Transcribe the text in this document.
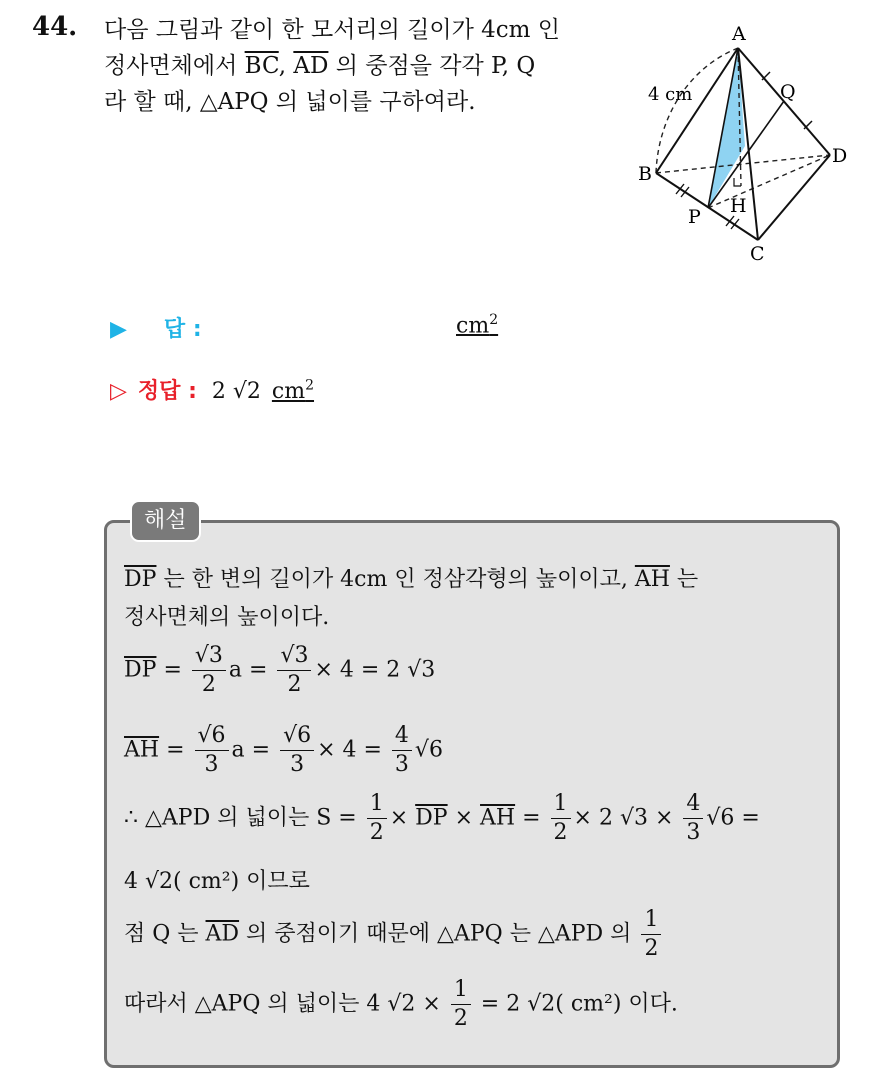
44. 다음 그림과 같이 한 모서리의 길이가 4cm 인
정사면체에서 $\overline{BC}$, $\overline{AD}$ 의 중점을 각각 P, Q
라 할 때, △APQ 의 넓이를 구하여라.
A
B
C
D
P
Q
H
4 cm
▶ 답 :	$cm^2$
▷ 정답 : 2 √2 $cm^2$
해설
$\overline{DP}$ 는 한 변의 길이가 4cm 인 정삼각형의 높이이고, $\overline{AH}$ 는
정사면체의 높이이다.
$\overline{DP} = \frac{√3}{2}$ $a = \frac{√3}{2} \times 4 = 2$ √3
$\overline{AH} = \frac{√6}{3}$ $a = \frac{√6}{3} \times 4 = \frac{4}{3} √6$
∴ △APD 의 넓이는 $S = \frac{1}{2} \times \overline{DP} \times \overline{AH} = \frac{1}{2} \times 2$ $√3 \times \frac{4}{3} √6$ =
4 √2( cm²) 이므로
점 Q 는 $\overline{AD}$ 의 중점이기 때문에 △APQ 는 △APD 의 $\frac{1}{2}$
따라서 △APQ 의 넓이는 4 $√2 \times \frac{1}{2} = 2$ √2( cm²) 이다.
